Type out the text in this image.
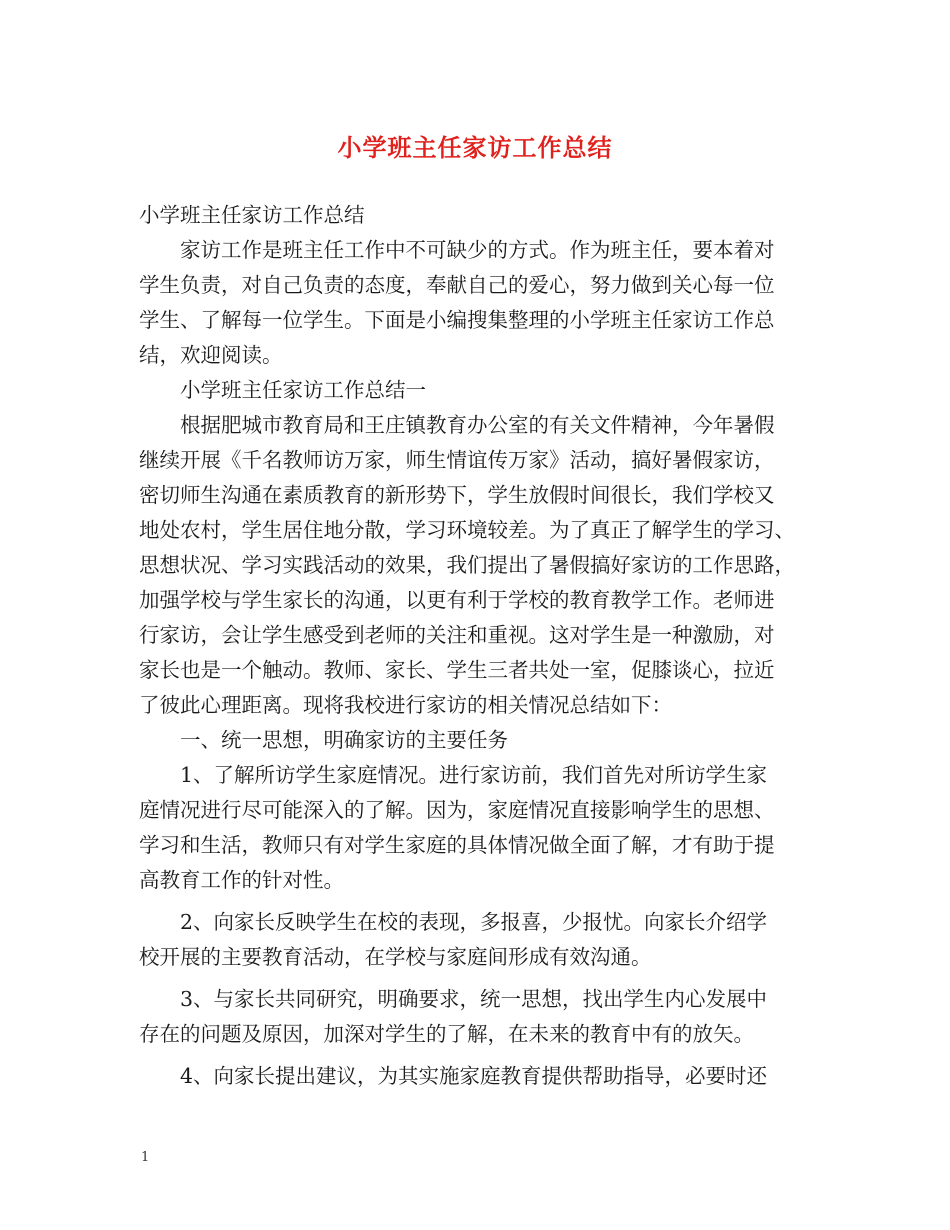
小学班主任家访工作总结
小学班主任家访工作总结
　　家访工作是班主任工作中不可缺少的方式。作为班主任，要本着对
学生负责，对自己负责的态度，奉献自己的爱心，努力做到关心每一位
学生、了解每一位学生。下面是小编搜集整理的小学班主任家访工作总
结，欢迎阅读。
　　小学班主任家访工作总结一
　　根据肥城市教育局和王庄镇教育办公室的有关文件精神，今年暑假
继续开展《千名教师访万家，师生情谊传万家》活动，搞好暑假家访，
密切师生沟通在素质教育的新形势下，学生放假时间很长，我们学校又
地处农村，学生居住地分散，学习环境较差。为了真正了解学生的学习、
思想状况、学习实践活动的效果，我们提出了暑假搞好家访的工作思路，
加强学校与学生家长的沟通，以更有利于学校的教育教学工作。老师进
行家访，会让学生感受到老师的关注和重视。这对学生是一种激励，对
家长也是一个触动。教师、家长、学生三者共处一室，促膝谈心，拉近
了彼此心理距离。现将我校进行家访的相关情况总结如下：
　　一、统一思想，明确家访的主要任务
　　1、了解所访学生家庭情况。进行家访前，我们首先对所访学生家
庭情况进行尽可能深入的了解。因为，家庭情况直接影响学生的思想、
学习和生活，教师只有对学生家庭的具体情况做全面了解，才有助于提
高教育工作的针对性。
　　2、向家长反映学生在校的表现，多报喜，少报忧。向家长介绍学
校开展的主要教育活动，在学校与家庭间形成有效沟通。
　　3、与家长共同研究，明确要求，统一思想，找出学生内心发展中
存在的问题及原因，加深对学生的了解，在未来的教育中有的放矢。
　　4、向家长提出建议，为其实施家庭教育提供帮助指导，必要时还
1
